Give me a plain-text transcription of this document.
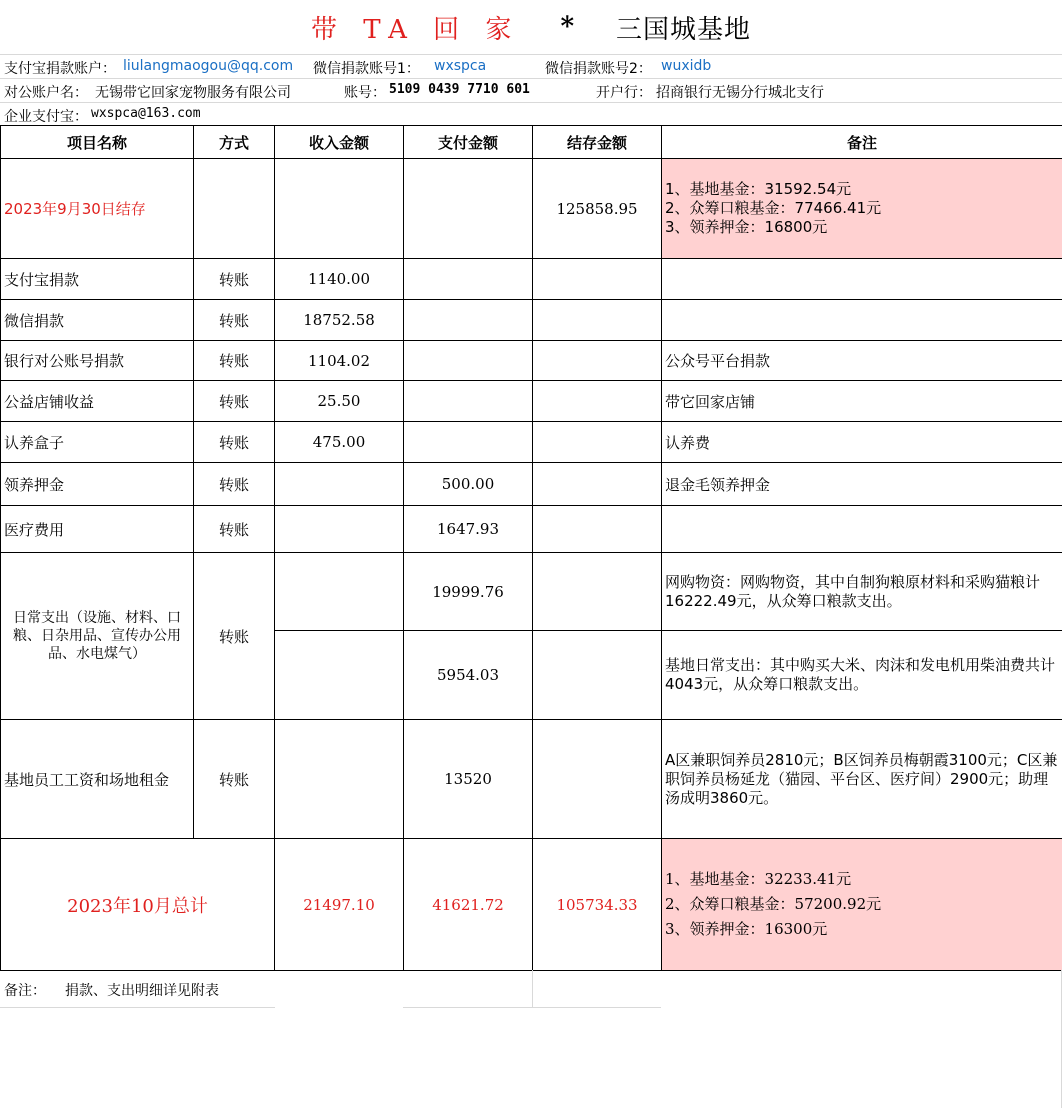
带 TA 回 家 * 三国城基地
支付宝捐款账户： liulangmaogou@qq.com 微信捐款账号1： wxspca	微信捐款账号2： wuxidb
对公账户名： 无锡带它回家宠物服务有限公司	账号： 5109 0439 7710 601	开户行： 招商银行无锡分行城北支行
企业支付宝： wxspca@163.com
项目名称	方式	收入金额	支付金额	结存金额	备注
2023年9月30日结存				125858.95	1、基地基金：31592.54元
2、众筹口粮基金：77466.41元
3、领养押金：16800元

支付宝捐款	转账	1140.00			
微信捐款	转账	18752.58			
银行对公账号捐款	转账	1104.02			公众号平台捐款
公益店铺收益	转账	25.50			带它回家店铺
认养盒子	转账	475.00			认养费
领养押金	转账		500.00		退金毛领养押金
医疗费用	转账		1647.93		
日常支出（设施、材料、口粮、日杂用品、宣传办公用品、水电煤气）	转账		19999.76		网购物资：网购物资，其中自制狗粮原材料和采购猫粮计16222.49元，从众筹口粮款支出。
			5954.03		基地日常支出：其中购买大米、肉沫和发电机用柴油费共计4043元，从众筹口粮款支出。
基地员工工资和场地租金	转账		13520		A区兼职饲养员2810元；B区饲养员梅朝霞3100元；C区兼职饲养员杨延龙（猫园、平台区、医疗间）2900元；助理汤成明3860元。
2023年10月总计		21497.10	41621.72	105734.33	1、基地基金：32233.41元
2、众筹口粮基金：57200.92元
3、领养押金：16300元
备注： 捐款、支出明细详见附表
